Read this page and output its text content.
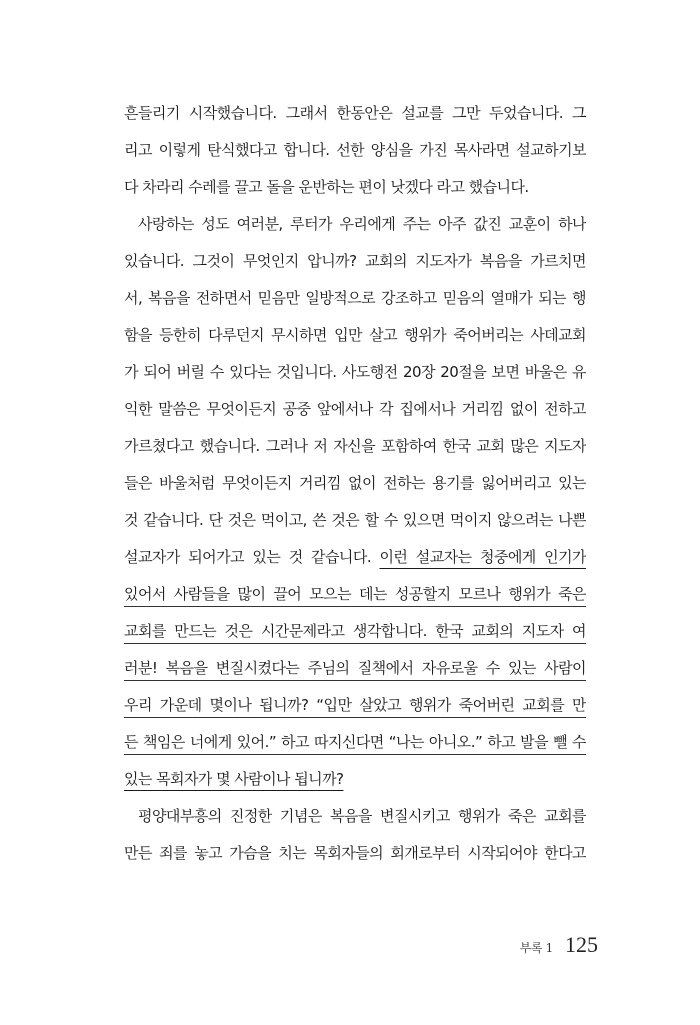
흔들리기 시작했습니다. 그래서 한동안은 설교를 그만 두었습니다. 그
리고 이렇게 탄식했다고 합니다. 선한 양심을 가진 목사라면 설교하기보
다 차라리 수레를 끌고 돌을 운반하는 편이 낫겠다 라고 했습니다.
사랑하는 성도 여러분, 루터가 우리에게 주는 아주 값진 교훈이 하나
있습니다. 그것이 무엇인지 압니까? 교회의 지도자가 복음을 가르치면
서, 복음을 전하면서 믿음만 일방적으로 강조하고 믿음의 열매가 되는 행
함을 등한히 다루던지 무시하면 입만 살고 행위가 죽어버리는 사데교회
가 되어 버릴 수 있다는 것입니다. 사도행전 20장 20절을 보면 바울은 유
익한 말씀은 무엇이든지 공중 앞에서나 각 집에서나 거리낌 없이 전하고
가르쳤다고 했습니다. 그러나 저 자신을 포함하여 한국 교회 많은 지도자
들은 바울처럼 무엇이든지 거리낌 없이 전하는 용기를 잃어버리고 있는
것 같습니다. 단 것은 먹이고, 쓴 것은 할 수 있으면 먹이지 않으려는 나쁜
설교자가 되어가고 있는 것 같습니다. 이런 설교자는 청중에게 인기가
있어서 사람들을 많이 끌어 모으는 데는 성공할지 모르나 행위가 죽은
교회를 만드는 것은 시간문제라고 생각합니다. 한국 교회의 지도자 여
러분! 복음을 변질시켰다는 주님의 질책에서 자유로울 수 있는 사람이
우리 가운데 몇이나 됩니까? “입만 살았고 행위가 죽어버린 교회를 만
든 책임은 너에게 있어.” 하고 따지신다면 “나는 아니오.” 하고 발을 뺄 수
있는 목회자가 몇 사람이나 됩니까?
평양대부흥의 진정한 기념은 복음을 변질시키고 행위가 죽은 교회를
만든 죄를 놓고 가슴을 치는 목회자들의 회개로부터 시작되어야 한다고
부록 1 125
